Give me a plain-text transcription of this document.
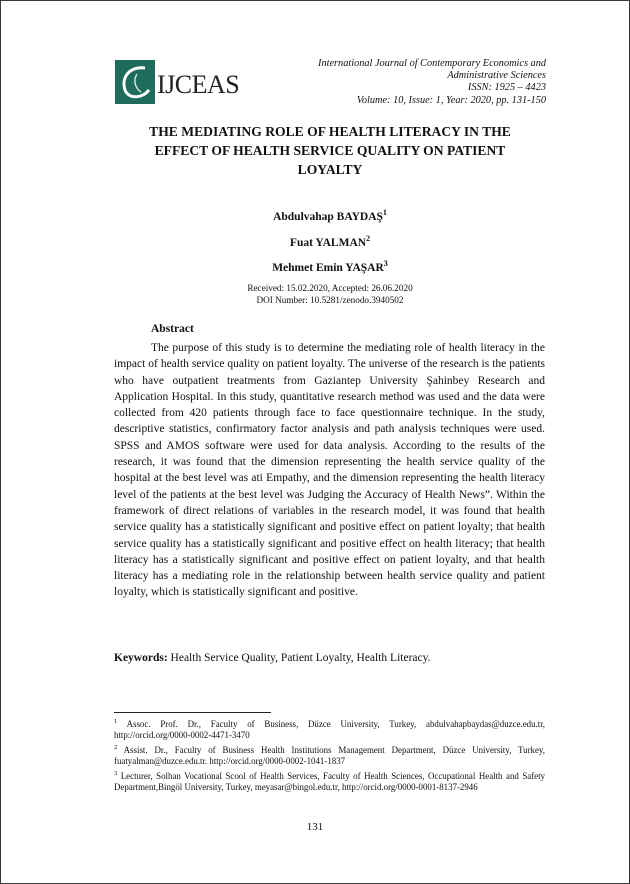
IJCEAS
International Journal of Contemporary Economics and
Administrative Sciences
ISSN: 1925 – 4423
Volume: 10, Issue: 1, Year: 2020, pp. 131-150
THE MEDIATING ROLE OF HEALTH LITERACY IN THE
EFFECT OF HEALTH SERVICE QUALITY ON PATIENT
LOYALTY
Abdulvahap BAYDAŞ$^1$
Fuat YALMAN$^2$
Mehmet Emin YAŞAR$^3$
Received: 15.02.2020, Accepted: 26.06.2020
DOI Number: 10.5281/zenodo.3940502
Abstract

The purpose of this study is to determine the mediating role of health literacy in the impact of health service quality on patient loyalty. The universe of the research is the patients who have outpatient treatments from Gaziantep University Şahinbey Research and Application Hospital. In this study, quantitative research method was used and the data were collected from 420 patients through face to face questionnaire technique. In the study, descriptive statistics, confirmatory factor analysis and path analysis techniques were used. SPSS and AMOS software were used for data analysis. According to the results of the research, it was found that the dimension representing the health service quality of the hospital at the best level was ati Empathy, and the dimension representing the health literacy level of the patients at the best level was Judging the Accuracy of Health News”. Within the framework of direct relations of variables in the research model, it was found that health service quality has a statistically significant and positive effect on patient loyalty; that health service quality has a statistically significant and positive effect on health literacy; that health literacy has a statistically significant and positive effect on patient loyalty, and that health literacy has a mediating role in the relationship between health service quality and patient loyalty, which is statistically significant and positive.

Keywords: Health Service Quality, Patient Loyalty, Health Literacy.

$^1$ Assoc. Prof. Dr., Faculty of Business, Düzce University, Turkey, abdulvahapbaydas@duzce.edu.tr, http://orcid.org/0000-0002-4471-3470

$^2$ Assist. Dr., Faculty of Business Health Institutions Management Department, Düzce University, Turkey, fuatyalman@duzce.edu.tr. http://orcid.org/0000-0002-1041-1837

$^3$ Lecturer, Solhan Vocational Scool of Health Services, Faculty of Health Sciences, Occupational Health and Safety Department,Bingöl University, Turkey, meyasar@bingol.edu.tr, http://orcid.org/0000-0001-8137-2946

131
